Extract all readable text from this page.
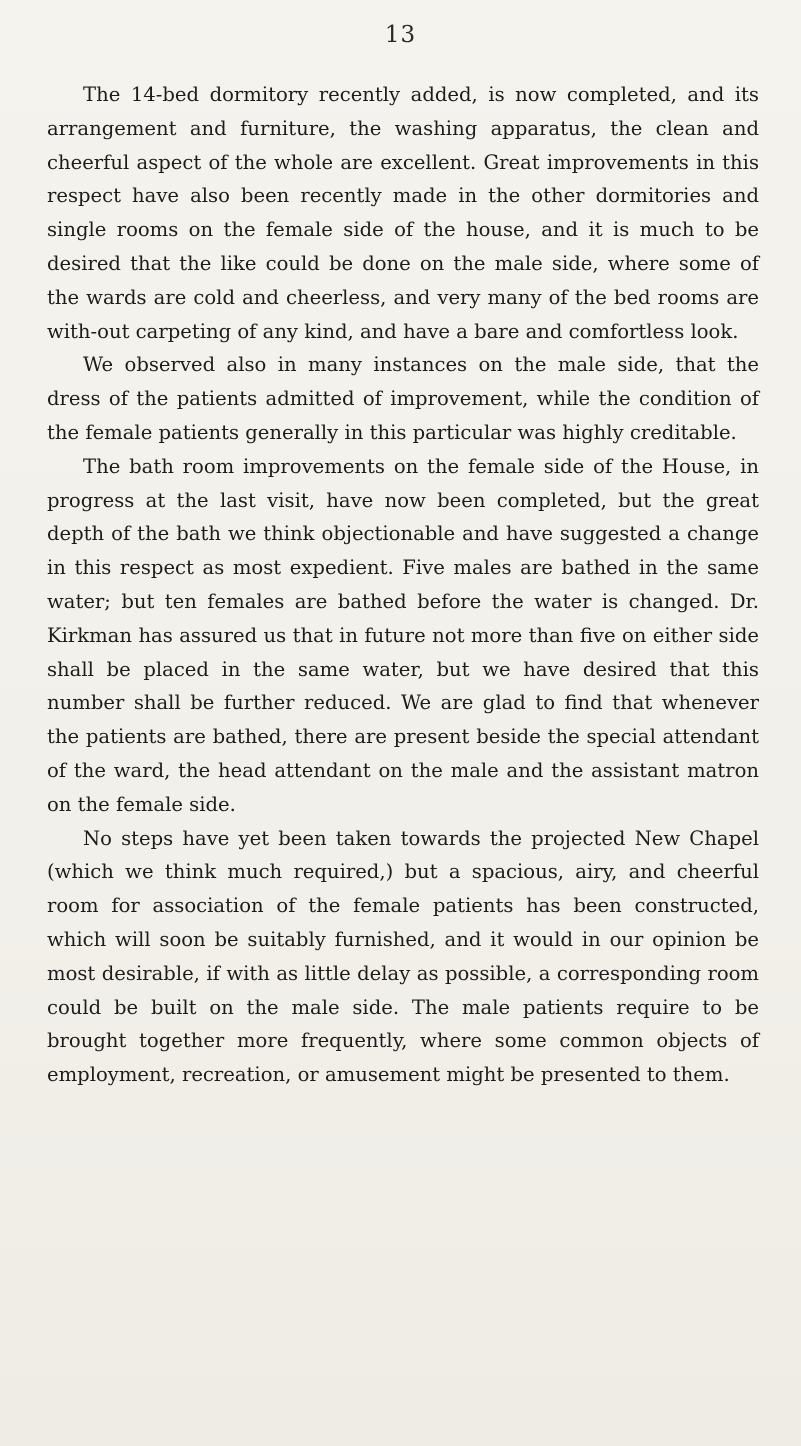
13

The 14-bed dormitory recently added, is now completed, and its arrangement and furniture, the washing apparatus, the clean and cheerful aspect of the whole are excellent. Great improvements in this respect have also been recently made in the other dormitories and single rooms on the female side of the house, and it is much to be desired that the like could be done on the male side, where some of the wards are cold and cheerless, and very many of the bed rooms are with-out carpeting of any kind, and have a bare and comfortless look.

We observed also in many instances on the male side, that the dress of the patients admitted of improvement, while the condition of the female patients generally in this particular was highly creditable.

The bath room improvements on the female side of the House, in progress at the last visit, have now been completed, but the great depth of the bath we think objectionable and have suggested a change in this respect as most expedient. Five males are bathed in the same water; but ten females are bathed before the water is changed. Dr. Kirkman has assured us that in future not more than five on either side shall be placed in the same water, but we have desired that this number shall be further reduced. We are glad to find that whenever the patients are bathed, there are present beside the special attendant of the ward, the head attendant on the male and the assistant matron on the female side.

No steps have yet been taken towards the projected New Chapel (which we think much required,) but a spacious, airy, and cheerful room for association of the female patients has been constructed, which will soon be suitably furnished, and it would in our opinion be most desirable, if with as little delay as possible, a corresponding room could be built on the male side. The male patients require to be brought together more frequently, where some common objects of employment, recreation, or amusement might be presented to them.
